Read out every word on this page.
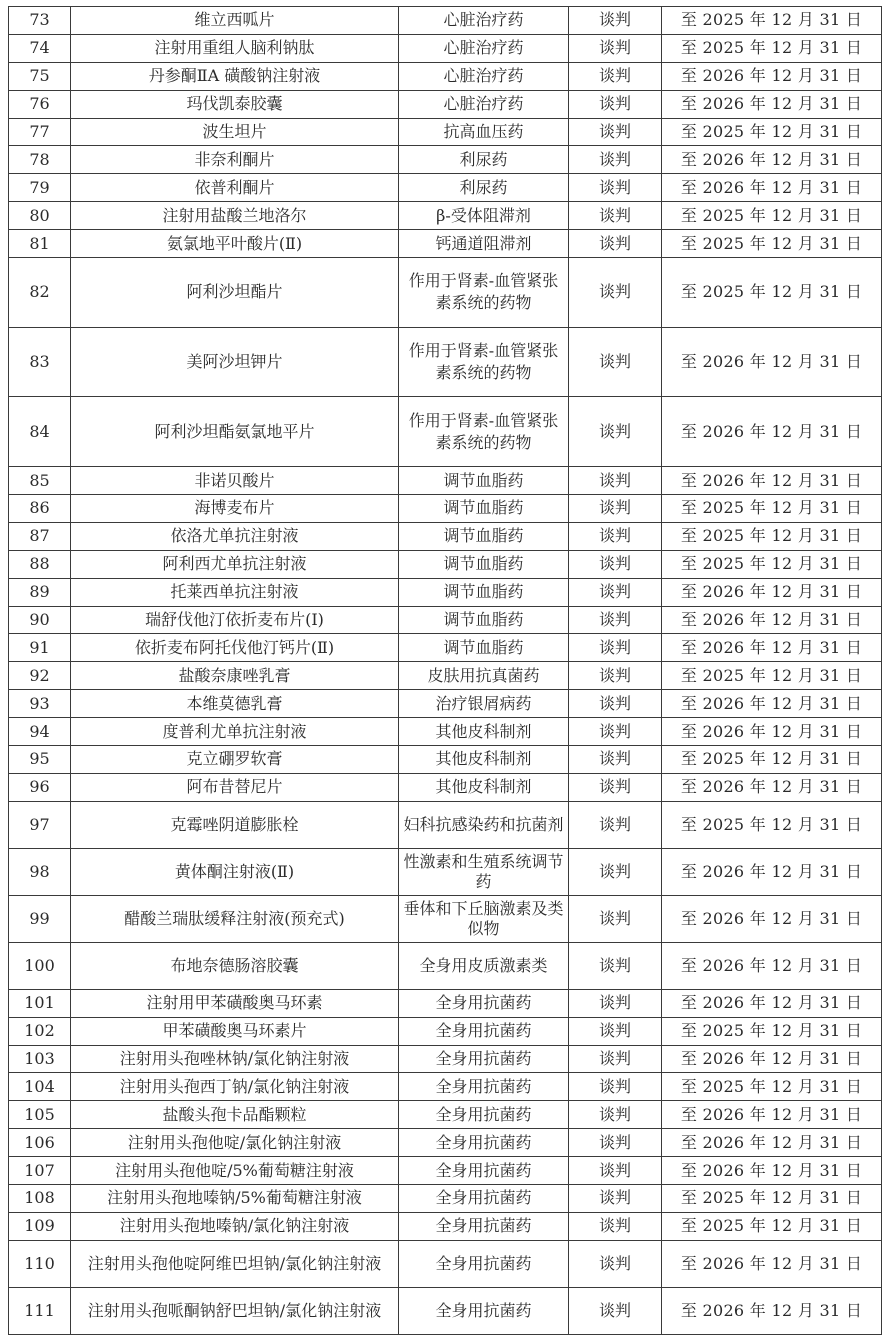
73	维立西呱片	心脏治疗药	谈判	至 2025 年 12 月 31 日
74	注射用重组人脑利钠肽	心脏治疗药	谈判	至 2025 年 12 月 31 日
75	丹参酮ⅡA 磺酸钠注射液	心脏治疗药	谈判	至 2026 年 12 月 31 日
76	玛伐凯泰胶囊	心脏治疗药	谈判	至 2026 年 12 月 31 日
77	波生坦片	抗高血压药	谈判	至 2025 年 12 月 31 日
78	非奈利酮片	利尿药	谈判	至 2026 年 12 月 31 日
79	依普利酮片	利尿药	谈判	至 2026 年 12 月 31 日
80	注射用盐酸兰地洛尔	β-受体阻滞剂	谈判	至 2025 年 12 月 31 日
81	氨氯地平叶酸片(Ⅱ)	钙通道阻滞剂	谈判	至 2025 年 12 月 31 日
82	阿利沙坦酯片	作用于肾素-血管紧张素系统的药物	谈判	至 2025 年 12 月 31 日
83	美阿沙坦钾片	作用于肾素-血管紧张素系统的药物	谈判	至 2026 年 12 月 31 日
84	阿利沙坦酯氨氯地平片	作用于肾素-血管紧张素系统的药物	谈判	至 2026 年 12 月 31 日
85	非诺贝酸片	调节血脂药	谈判	至 2026 年 12 月 31 日
86	海博麦布片	调节血脂药	谈判	至 2025 年 12 月 31 日
87	依洛尤单抗注射液	调节血脂药	谈判	至 2025 年 12 月 31 日
88	阿利西尤单抗注射液	调节血脂药	谈判	至 2025 年 12 月 31 日
89	托莱西单抗注射液	调节血脂药	谈判	至 2026 年 12 月 31 日
90	瑞舒伐他汀依折麦布片(Ⅰ)	调节血脂药	谈判	至 2026 年 12 月 31 日
91	依折麦布阿托伐他汀钙片(Ⅱ)	调节血脂药	谈判	至 2026 年 12 月 31 日
92	盐酸奈康唑乳膏	皮肤用抗真菌药	谈判	至 2025 年 12 月 31 日
93	本维莫德乳膏	治疗银屑病药	谈判	至 2026 年 12 月 31 日
94	度普利尤单抗注射液	其他皮科制剂	谈判	至 2026 年 12 月 31 日
95	克立硼罗软膏	其他皮科制剂	谈判	至 2025 年 12 月 31 日
96	阿布昔替尼片	其他皮科制剂	谈判	至 2026 年 12 月 31 日
97	克霉唑阴道膨胀栓	妇科抗感染药和抗菌剂	谈判	至 2025 年 12 月 31 日
98	黄体酮注射液(Ⅱ)	性激素和生殖系统调节药	谈判	至 2026 年 12 月 31 日
99	醋酸兰瑞肽缓释注射液(预充式)	垂体和下丘脑激素及类似物	谈判	至 2026 年 12 月 31 日
100	布地奈德肠溶胶囊	全身用皮质激素类	谈判	至 2026 年 12 月 31 日
101	注射用甲苯磺酸奥马环素	全身用抗菌药	谈判	至 2026 年 12 月 31 日
102	甲苯磺酸奥马环素片	全身用抗菌药	谈判	至 2025 年 12 月 31 日
103	注射用头孢唑林钠/氯化钠注射液	全身用抗菌药	谈判	至 2026 年 12 月 31 日
104	注射用头孢西丁钠/氯化钠注射液	全身用抗菌药	谈判	至 2025 年 12 月 31 日
105	盐酸头孢卡品酯颗粒	全身用抗菌药	谈判	至 2026 年 12 月 31 日
106	注射用头孢他啶/氯化钠注射液	全身用抗菌药	谈判	至 2026 年 12 月 31 日
107	注射用头孢他啶/5%葡萄糖注射液	全身用抗菌药	谈判	至 2026 年 12 月 31 日
108	注射用头孢地嗪钠/5%葡萄糖注射液	全身用抗菌药	谈判	至 2025 年 12 月 31 日
109	注射用头孢地嗪钠/氯化钠注射液	全身用抗菌药	谈判	至 2025 年 12 月 31 日
110	注射用头孢他啶阿维巴坦钠/氯化钠注射液	全身用抗菌药	谈判	至 2026 年 12 月 31 日
111	注射用头孢哌酮钠舒巴坦钠/氯化钠注射液	全身用抗菌药	谈判	至 2026 年 12 月 31 日
